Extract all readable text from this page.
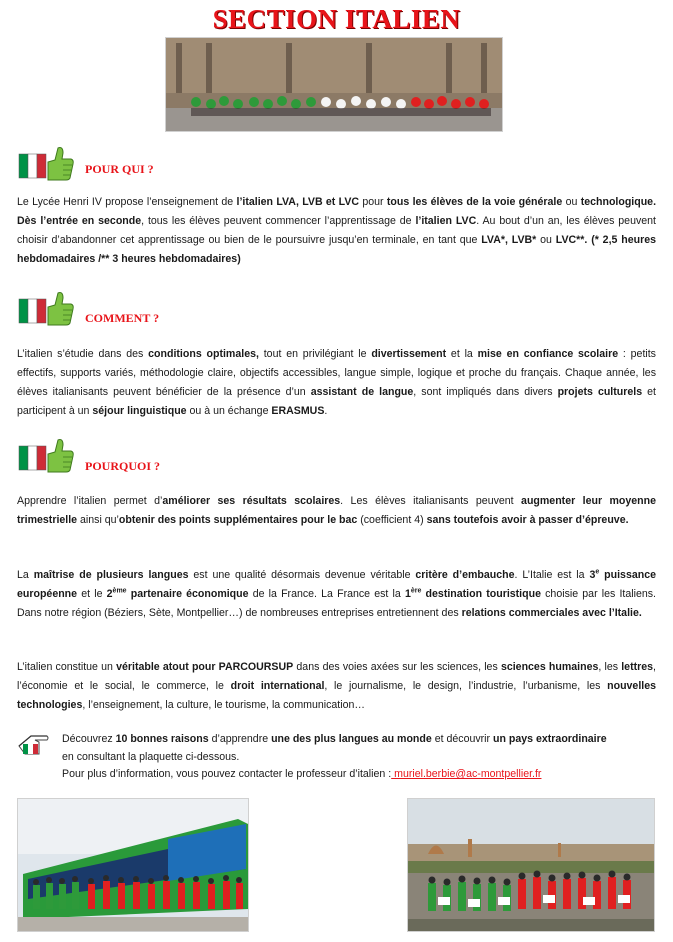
SECTION ITALIEN
POUR QUI ?
Le Lycée Henri IV propose l’enseignement de l’italien LVA, LVB et LVC pour tous les élèves de la voie générale ou technologique. Dès l’entrée en seconde, tous les élèves peuvent commencer l’apprentissage de l’italien LVC. Au bout d’un an, les élèves peuvent choisir d’abandonner cet apprentissage ou bien de le poursuivre jusqu’en terminale, en tant que LVA*, LVB* ou LVC**. (* 2,5 heures hebdomadaires /** 3 heures hebdomadaires)
COMMENT ?
L’italien s’étudie dans des conditions optimales, tout en privilégiant le divertissement et la mise en confiance scolaire : petits effectifs, supports variés, méthodologie claire, objectifs accessibles, langue simple, logique et proche du français. Chaque année, les élèves italianisants peuvent bénéficier de la présence d’un assistant de langue, sont impliqués dans divers projets culturels et participent à un séjour linguistique ou à un échange ERASMUS.
POURQUOI ?
Apprendre l’italien permet d’améliorer ses résultats scolaires. Les élèves italianisants peuvent augmenter leur moyenne trimestrielle ainsi qu’obtenir des points supplémentaires pour le bac (coefficient 4) sans toutefois avoir à passer d’épreuve.
La maîtrise de plusieurs langues est une qualité désormais devenue véritable critère d’embauche. L’Italie est la 3e puissance européenne et le 2ème partenaire économique de la France. La France est la 1ère destination touristique choisie par les Italiens. Dans notre région (Béziers, Sète, Montpellier…) de nombreuses entreprises entretiennent des relations commerciales avec l’Italie.
L’italien constitue un véritable atout pour PARCOURSUP dans des voies axées sur les sciences, les sciences humaines, les lettres, l’économie et le social, le commerce, le droit international, le journalisme, le design, l’industrie, l’urbanisme, les nouvelles technologies, l’enseignement, la culture, le tourisme, la communication…
Découvrez 10 bonnes raisons d’apprendre une des plus langues au monde et découvrir un pays extraordinaire
en consultant la plaquette ci-dessous.
Pour plus d’information, vous pouvez contacter le professeur d’italien : muriel.berbie@ac-montpellier.fr
